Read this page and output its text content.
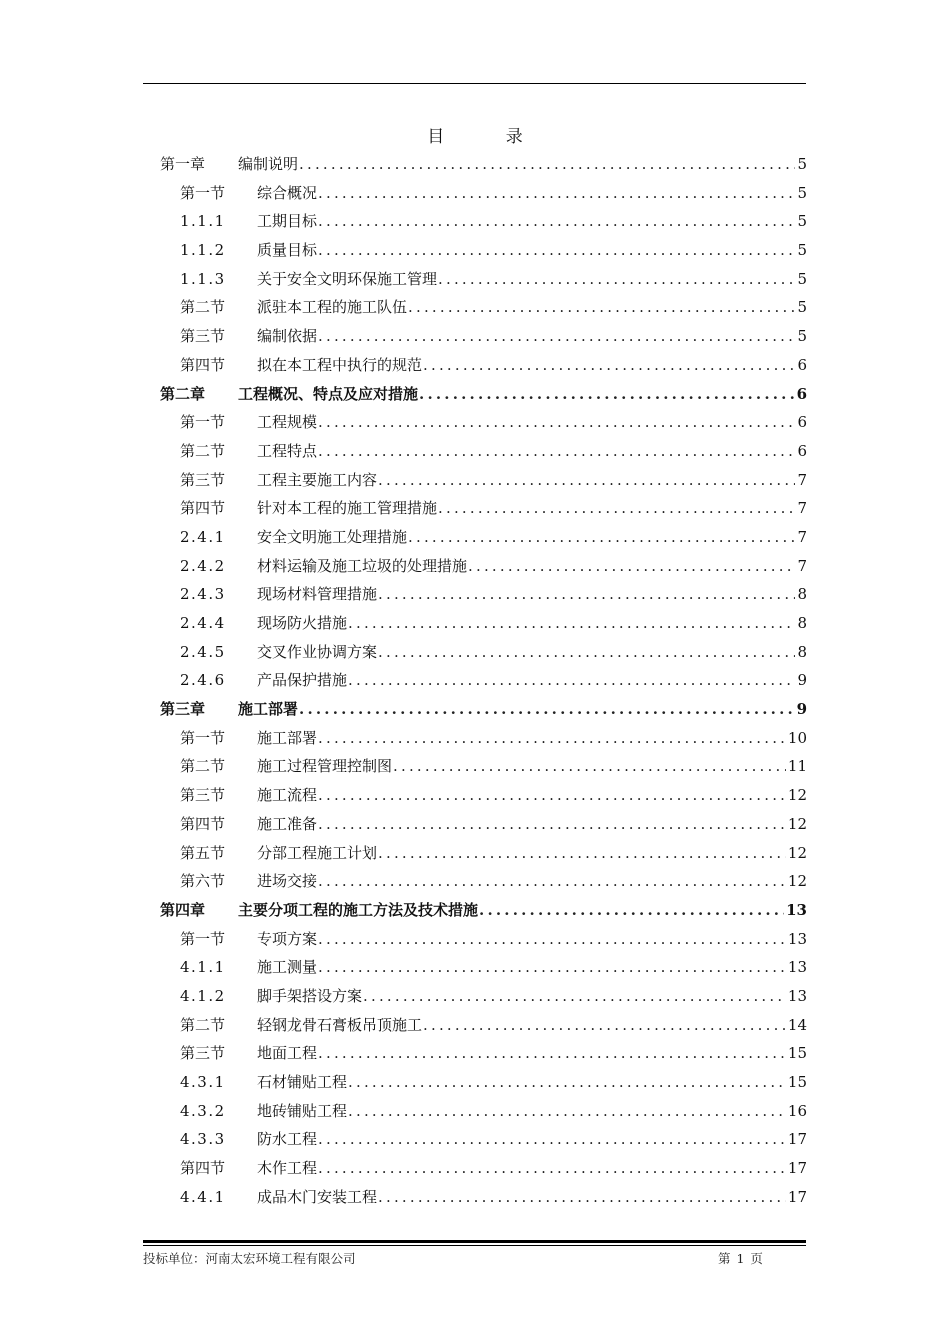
目 录
第一章	编制说明 .....	5
第一节	综合概况 .....	5
1.1.1	工期目标 .....	5
1.1.2	质量目标 .....	5
1.1.3	关于安全文明环保施工管理 .....	5
第二节	派驻本工程的施工队伍 .....	5
第三节	编制依据 .....	5
第四节	拟在本工程中执行的规范 .....	6
第二章	工程概况、特点及应对措施 .....	6
第一节	工程规模 .....	6
第二节	工程特点 .....	6
第三节	工程主要施工内容 .....	7
第四节	针对本工程的施工管理措施 .....	7
2.4.1	安全文明施工处理措施 .....	7
2.4.2	材料运输及施工垃圾的处理措施 .....	7
2.4.3	现场材料管理措施 .....	8
2.4.4	现场防火措施 .....	8
2.4.5	交叉作业协调方案 .....	8
2.4.6	产品保护措施 .....	9
第三章	施工部署 .....	9
第一节	施工部署 .....	10
第二节	施工过程管理控制图 .....	11
第三节	施工流程 .....	12
第四节	施工准备 .....	12
第五节	分部工程施工计划 .....	12
第六节	进场交接 .....	12
第四章	主要分项工程的施工方法及技术措施 .....	13
第一节	专项方案 .....	13
4.1.1	施工测量 .....	13
4.1.2	脚手架搭设方案 .....	13
第二节	轻钢龙骨石膏板吊顶施工 .....	14
第三节	地面工程 .....	15
4.3.1	石材铺贴工程 .....	15
4.3.2	地砖铺贴工程 .....	16
4.3.3	防水工程 .....	17
第四节	木作工程 .....	17
4.4.1	成品木门安装工程 .....	17
投标单位：河南太宏环境工程有限公司	第 1 页
